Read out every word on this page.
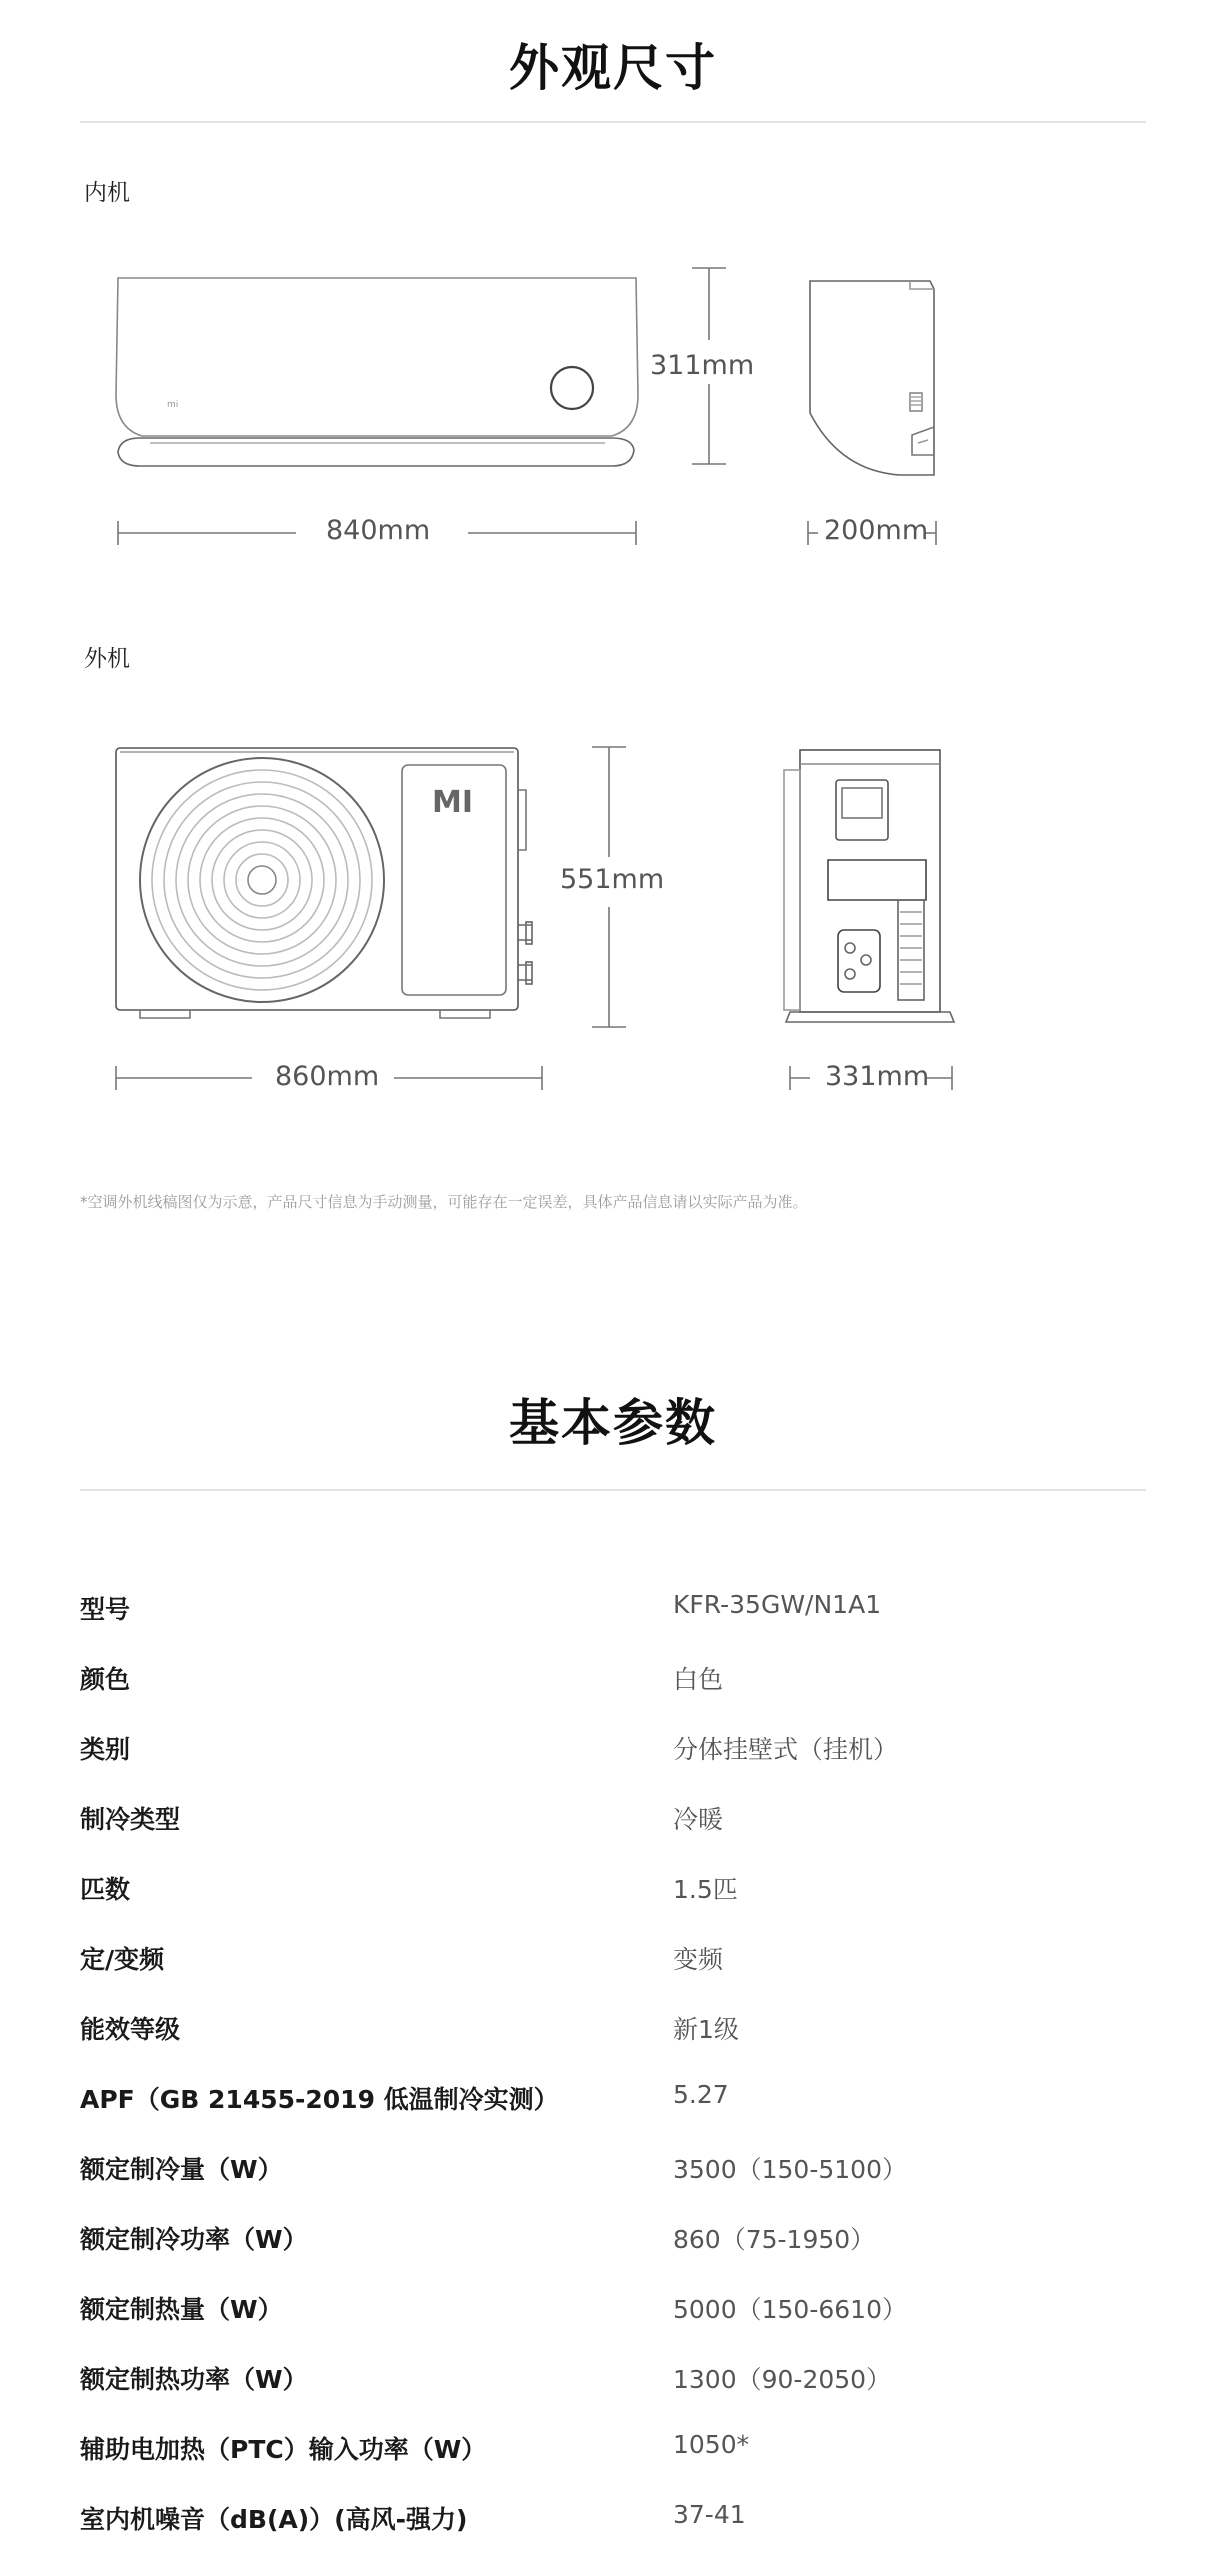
外观尺寸
内机
mi
311mm
840mm	200mm
外机
MI
551mm
860mm	331mm
*空调外机线稿图仅为示意，产品尺寸信息为手动测量，可能存在一定误差，具体产品信息请以实际产品为准。
基本参数
型号	KFR-35GW/N1A1
颜色	白色
类别	分体挂壁式（挂机）
制冷类型	冷暖
匹数	1.5匹
定/变频	变频
能效等级	新1级
APF（GB 21455-2019 低温制冷实测）	5.27
额定制冷量（W）	3500（150-5100）
额定制冷功率（W）	860（75-1950）
额定制热量（W）	5000（150-6610）
额定制热功率（W）	1300（90-2050）
辅助电加热（PTC）输入功率（W）	1050*
室内机噪音（dB(A)）(高风-强力)	37-41
